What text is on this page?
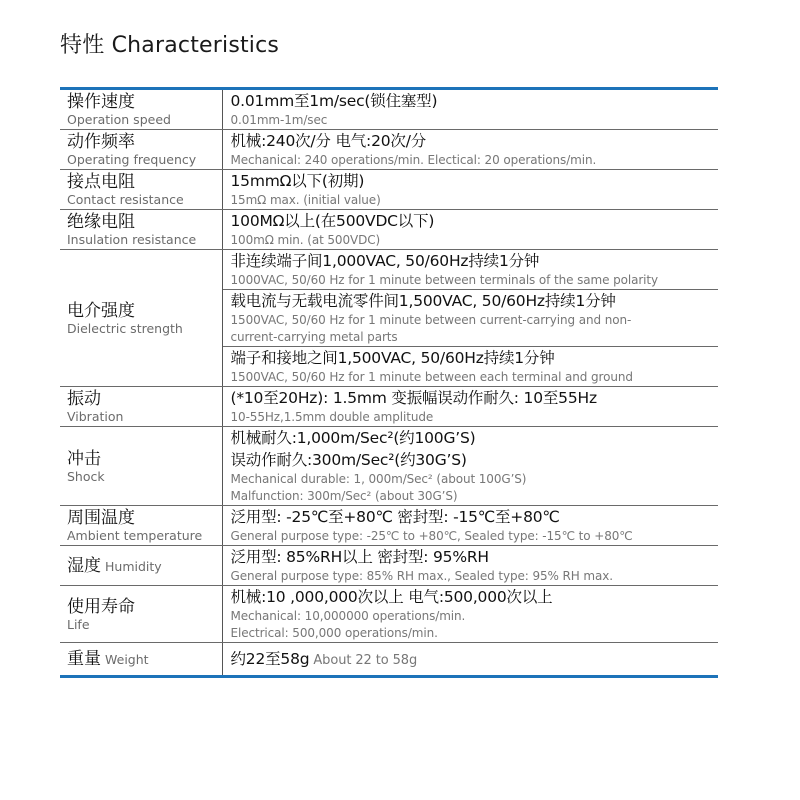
特性 Characteristics

操作速度
Operation speed	0.01mm至1m/sec(锁住塞型)
0.01mm-1m/sec

动作频率
Operating frequency	机械:240次/分 电气:20次/分
Mechanical: 240 operations/min. Electical: 20 operations/min.

接点电阻
Contact resistance	15mmΩ以下(初期)
15mΩ max. (initial value)

绝缘电阻
Insulation resistance	100MΩ以上(在500VDC以下)
100mΩ min. (at 500VDC)

电介强度
Dielectric strength	非连续端子间1,000VAC, 50/60Hz持续1分钟
1000VAC, 50/60 Hz for 1 minute between terminals of the same polarity

	载电流与无载电流零件间1,500VAC, 50/60Hz持续1分钟
1500VAC, 50/60 Hz for 1 minute between current-carrying and non-
current-carrying metal parts

	端子和接地之间1,500VAC, 50/60Hz持续1分钟
1500VAC, 50/60 Hz for 1 minute between each terminal and ground

振动
Vibration	(*10至20Hz): 1.5mm 变振幅误动作耐久: 10至55Hz
10-55Hz,1.5mm double amplitude

冲击
Shock	机械耐久:1,000m/Sec²(约100G’S)
误动作耐久:300m/Sec²(约30G’S)
Mechanical durable: 1, 000m/Sec² (about 100G’S)
Malfunction: 300m/Sec² (about 30G’S)

周围温度
Ambient temperature	泛用型: -25℃至+80℃ 密封型: -15℃至+80℃
General purpose type: -25℃ to +80℃, Sealed type: -15℃ to +80℃

湿度 Humidity	泛用型: 85%RH以上 密封型: 95%RH
General purpose type: 85% RH max., Sealed type: 95% RH max.

使用寿命
Life	机械:10 ,000,000次以上 电气:500,000次以上
Mechanical: 10,000000 operations/min.
Electrical: 500,000 operations/min.

重量 Weight	约22至58g About 22 to 58g
